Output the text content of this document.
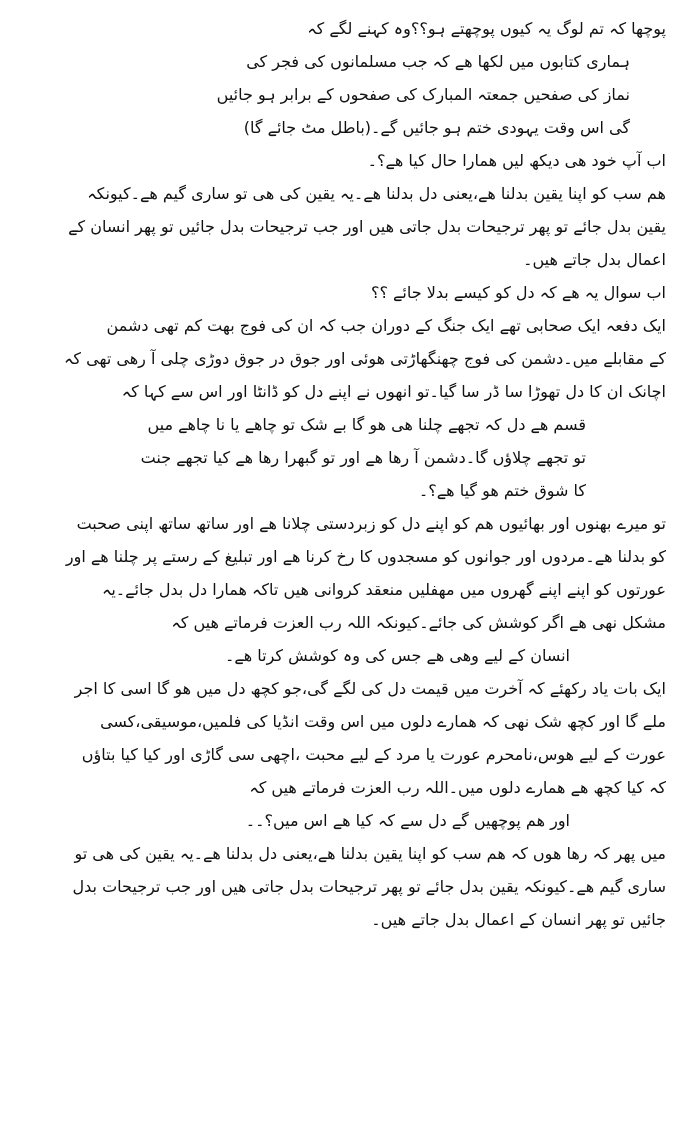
پوچھا کہ تم لوگ یہ کیوں پوچھتے ہو؟؟وہ کہنے لگے کہ
ہماری کتابوں میں لکھا ھے کہ جب مسلمانوں کی فجر کی
نماز کی صفحیں جمعتہ المبارک کی صفحوں کے برابر ہو جائیں
گی اس وقت یہودی ختم ہو جائیں گے۔(باطل مٹ جائے گا)
اب آپ خود ھی دیکھ لیں ھمارا حال کیا ھے؟۔
ھم سب کو اپنا یقین بدلنا ھے،یعنی دل بدلنا ھے۔یہ یقین کی ھی تو ساری گیم ھے۔کیونکہ
یقین بدل جائے تو پھر ترجیحات بدل جاتی ھیں اور جب ترجیحات بدل جائیں تو پھر انسان کے
اعمال بدل جاتے ھیں۔
اب سوال یہ ھے کہ دل کو کیسے بدلا جائے ؟؟
ایک دفعہ ایک صحابی تھے ایک جنگ کے دوران جب کہ ان کی فوج بھت کم تھی دشمن
کے مقابلے میں۔دشمن کی فوج چھنگھاڑتی ھوئی اور جوق در جوق دوڑی چلی آ رھی تھی کہ
اچانک ان کا دل تھوڑا سا ڈر سا گیا۔تو انھوں نے اپنے دل کو ڈانٹا اور اس سے کہا کہ
قسم ھے دل کہ تجھے چلنا ھی ھو گا بے شک تو چاھے یا نا چاھے میں
تو تجھے چلاؤں گا۔دشمن آ رھا ھے اور تو گبھرا رھا ھے کیا تجھے جنت
کا شوق ختم ھو گیا ھے؟۔
تو میرے بھنوں اور بھائیوں ھم کو اپنے دل کو زبردستی چلانا ھے اور ساتھ ساتھ اپنی صحبت
کو بدلنا ھے۔مردوں اور جوانوں کو مسجدوں کا رخ کرنا ھے اور تبلیغ کے رستے پر چلنا ھے اور
عورتوں کو اپنے اپنے گھروں میں مھفلیں منعقد کروانی ھیں تاکہ ھمارا دل بدل جائے۔یہ
مشکل نھی ھے اگر کوشش کی جائے۔کیونکہ اللہ رب العزت فرماتے ھیں کہ
انسان کے لیے وھی ھے جس کی وہ کوشش کرتا ھے۔
ایک بات یاد رکھئے کہ آخرت میں قیمت دل کی لگے گی،جو کچھ دل میں ھو گا اسی کا اجر
ملے گا اور کچھ شک نھی کہ ھمارے دلوں میں اس وقت انڈیا کی فلمیں،موسیقی،کسی
عورت کے لیے ھوس،نامحرم عورت یا مرد کے لیے محبت ،اچھی سی گاڑی اور کیا کیا بتاؤں
کہ کیا کچھ ھے ھمارے دلوں میں۔اللہ رب العزت فرماتے ھیں کہ
اور ھم پوچھیں گے دل سے کہ کیا ھے اس میں؟۔۔
میں پھر کہ رھا ھوں کہ ھم سب کو اپنا یقین بدلنا ھے،یعنی دل بدلنا ھے۔یہ یقین کی ھی تو
ساری گیم ھے۔کیونکہ یقین بدل جائے تو پھر ترجیحات بدل جاتی ھیں اور جب ترجیحات بدل
جائیں تو پھر انسان کے اعمال بدل جاتے ھیں۔
